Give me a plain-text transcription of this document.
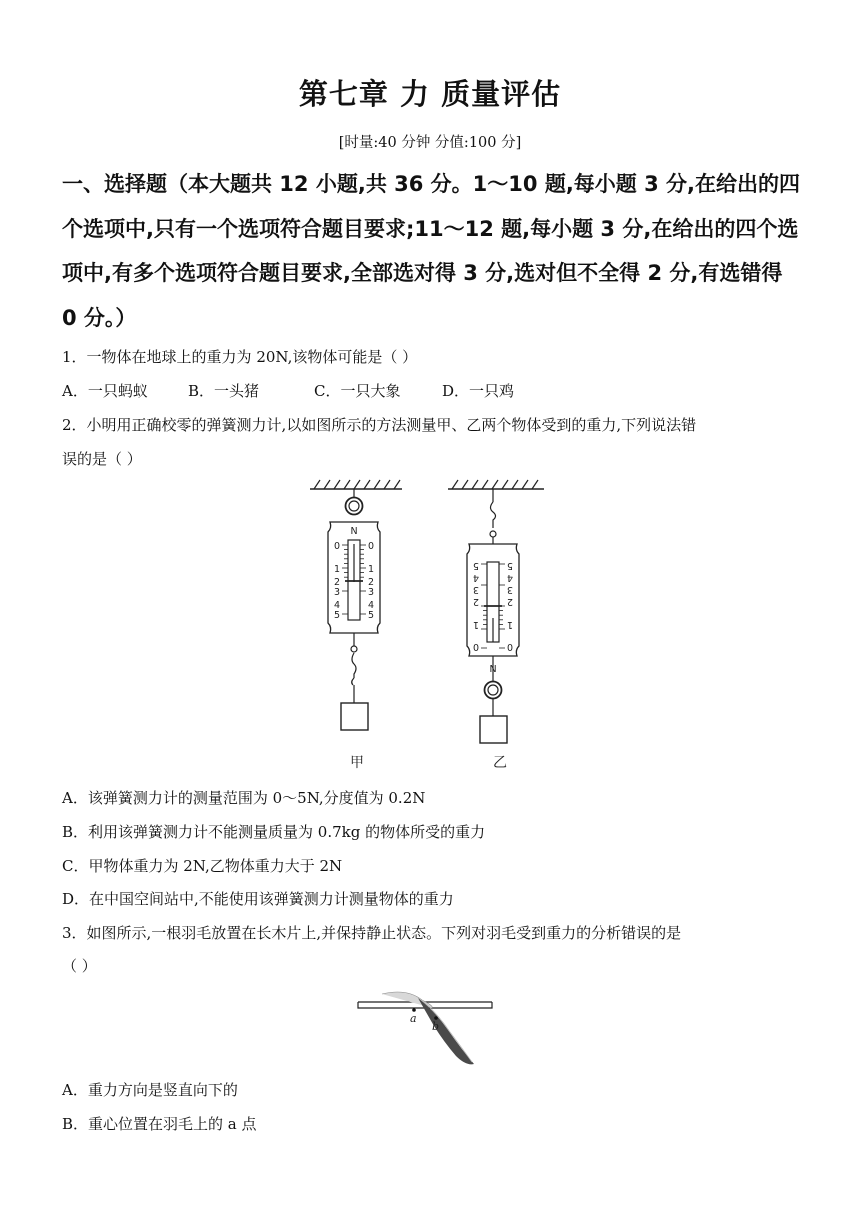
第七章 力 质量评估
[时量:40 分钟 分值:100 分]
一、选择题（本大题共 12 小题,共 36 分。1～10 题,每小题 3 分,在给出的四个选项中,只有一个选项符合题目要求;11～12 题,每小题 3 分,在给出的四个选项中,有多个选项符合题目要求,全部选对得 3 分,选对但不全得 2 分,有选错得 0 分。）
1．一物体在地球上的重力为 20N,该物体可能是（ ）
A．一只蚂蚁	B．一头猪	C．一只大象	D．一只鸡
2．小明用正确校零的弹簧测力计,以如图所示的方法测量甲、乙两个物体受到的重力,下列说法错
误的是（ ）
N
0
1
2
3
4
5
0
1
2
3
4
5
N
5
4
3
2
1
0
5
4
3
2
1
0
甲	乙
A．该弹簧测力计的测量范围为 0～5N,分度值为 0.2N
B．利用该弹簧测力计不能测量质量为 0.7kg 的物体所受的重力
C．甲物体重力为 2N,乙物体重力大于 2N
D．在中国空间站中,不能使用该弹簧测力计测量物体的重力
3．如图所示,一根羽毛放置在长木片上,并保持静止状态。下列对羽毛受到重力的分析错误的是
（ ）
a
b
A．重力方向是竖直向下的
B．重心位置在羽毛上的 a 点
